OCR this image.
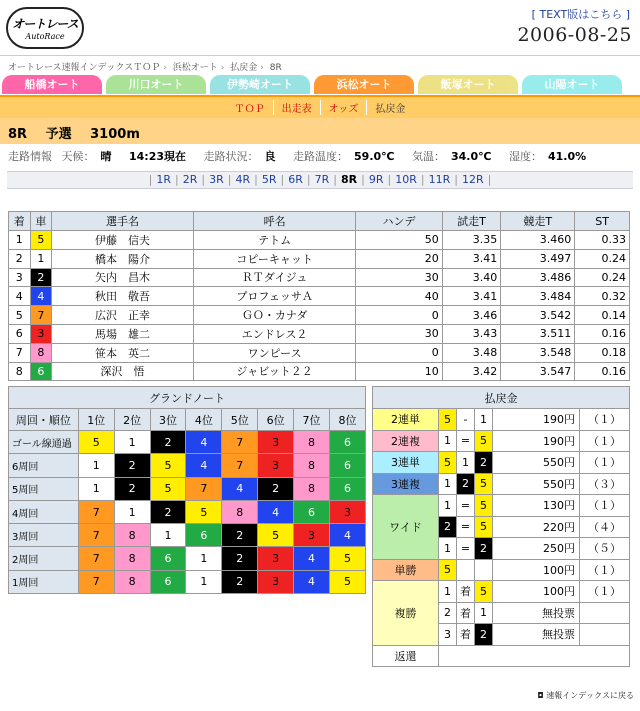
オートレース
AutoRace
[ TEXT版はこちら ]
2006-08-25
オートレース速報インデックスＴＯＰ › 浜松オート › 払戻金 › 8R
船橋オート	川口オート	伊勢崎オート	浜松オート	飯塚オート	山陽オート
ＴＯＰ	出走表	オッズ	払戻金
8R 予選 3100m
走路情報 天候： 晴 14:23現在 走路状況： 良 走路温度： 59.0℃ 気温： 34.0℃ 湿度： 41.0%
| 1R | 2R | 3R | 4R | 5R | 6R | 7R | 8R | 9R | 10R | 11R | 12R |
着	車	選手名	呼名	ハンデ	試走T	競走T	ST
1	5	伊藤　信夫	テトム	50	3.35	3.460	0.33
2	1	橋本　陽介	コピーキャット	20	3.41	3.497	0.24
3	2	矢内　昌木	ＲＴダイジュ	30	3.40	3.486	0.24
4	4	秋田　敬吾	プロフェッサＡ	40	3.41	3.484	0.32
5	7	広沢　正幸	ＧＯ・カナダ	0	3.46	3.542	0.14
6	3	馬場　雄二	エンドレス２	30	3.43	3.511	0.16
7	8	笹本　英二	ワンピース	0	3.48	3.548	0.18
8	6	深沢　悟	ジャビット２２	10	3.42	3.547	0.16
グランドノート								
周回・順位	1位	2位	3位	4位	5位	6位	7位	8位
ゴール線通過	5	1	2	4	7	3	8	6
6周回	1	2	5	4	7	3	8	6
5周回	1	2	5	7	4	2	8	6
4周回	7	1	2	5	8	4	6	3
3周回	7	8	1	6	2	5	3	4
2周回	7	8	6	1	2	3	4	5
1周回	7	8	6	1	2	3	4	5
払戻金					
2連単	5	-	1	190円	（１）
2連複	1	=	5	190円	（１）
3連単	5	1	2	550円	（１）
3連複	1	2	5	550円	（３）
ワイド	1	=	5	130円	（１）
	2	=	5	220円	（４）
	1	=	2	250円	（５）
単勝	5			100円	（１）
複勝	1	着	5	100円	（１）
	2	着	1	無投票	
	3	着	2	無投票	
返還					
◘ 速報インデックスに戻る
